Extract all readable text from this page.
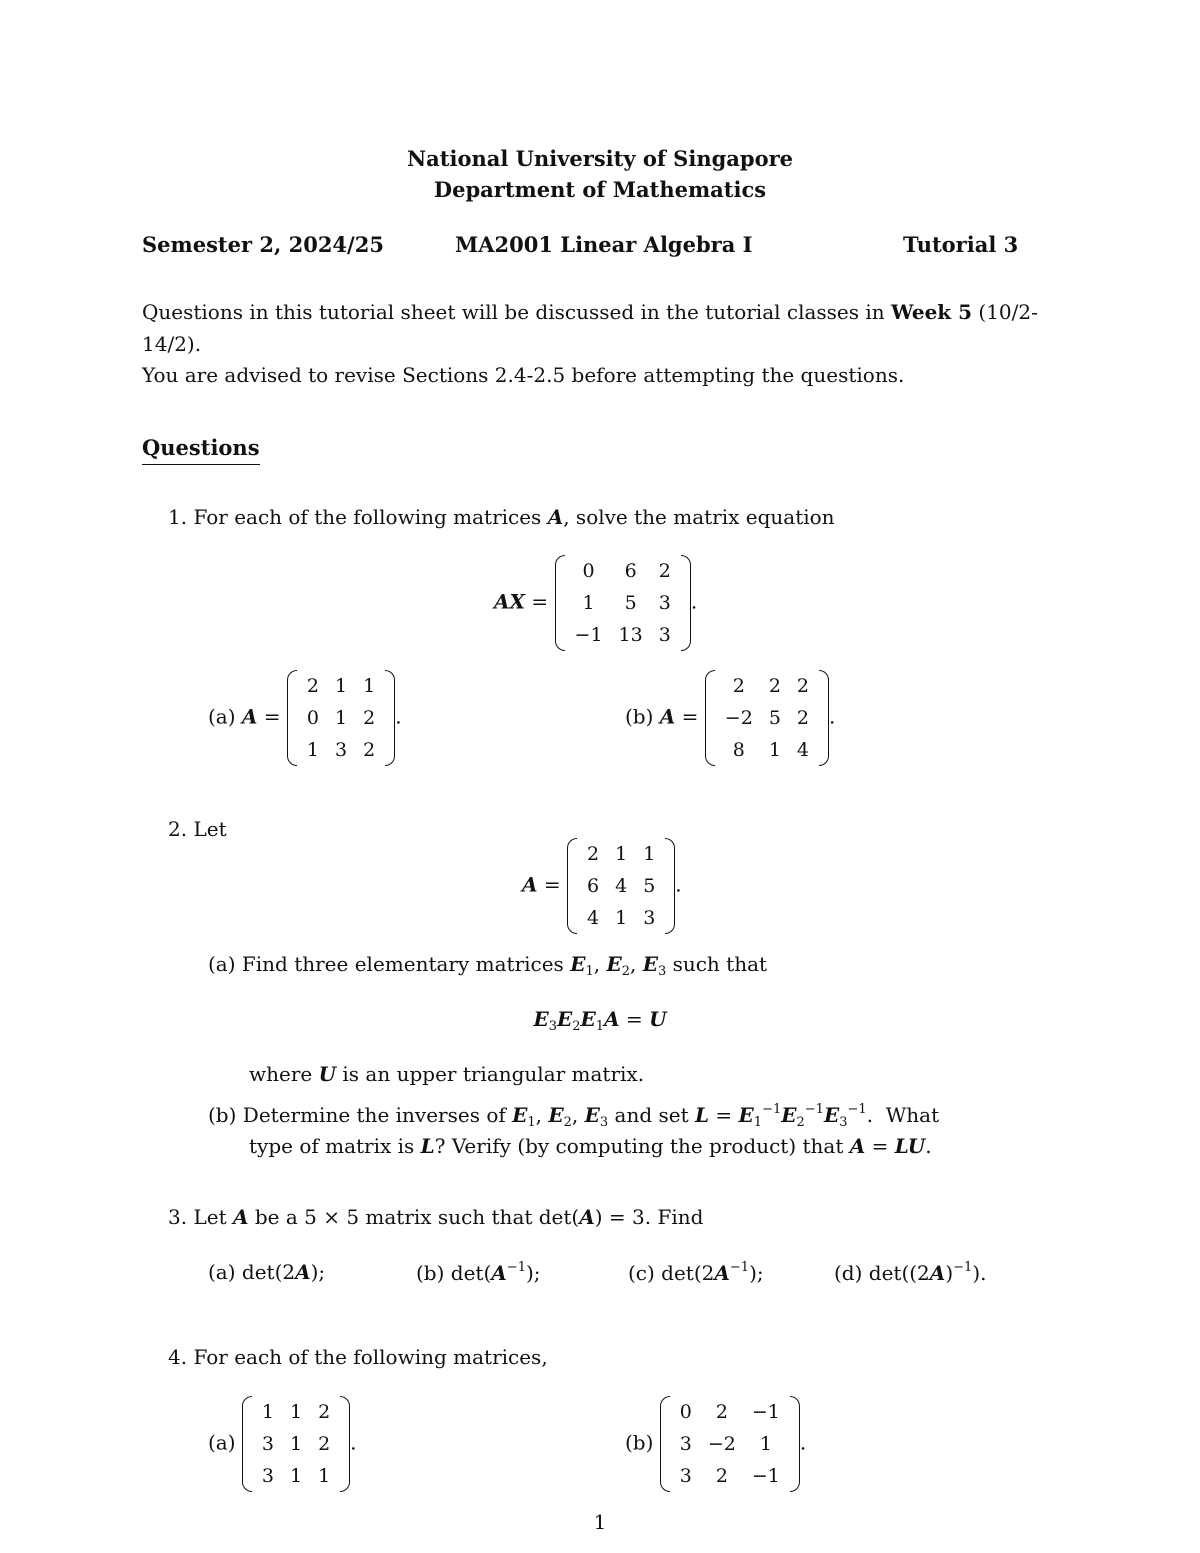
National University of Singapore
Department of Mathematics
Semester 2, 2024/25	MA2001 Linear Algebra I	Tutorial 3
Questions in this tutorial sheet will be discussed in the tutorial classes in Week 5 (10/2-
14/2).
You are advised to revise Sections 2.4-2.5 before attempting the questions.
Questions
1. For each of the following matrices A, solve the matrix equation
AX =
0	6	2
1	5	3
−1	13	3
.
(a) A =
2	1	1
0	1	2
1	3	2
.	(b) A =
2	2	2
−2	5	2
8	1	4
.
2. Let
A =
2	1	1
6	4	5
4	1	3
.
(a) Find three elementary matrices $E_1$, $E_2$, $E_3$ such that
$E_3E_2E_1A = U$
where U is an upper triangular matrix.
(b) Determine the inverses of $E_1$, $E_2$, $E_3$ and set $L = E_1^{-1}E_2^{-1}E_3^{-1}$.  What
type of matrix is L? Verify (by computing the product) that A = LU.
3. Let A be a 5 × 5 matrix such that det(A) = 3. Find
(a) det(2A);	(b) $\det(A^{-1})$;	(c) $\det(2A^{-1})$;	(d) $\det((2A)^{-1})$.
4. For each of the following matrices,
(a)
1	1	2
3	1	2
3	1	1
.	(b)
0	2	−1
3	−2	1
3	2	−1
.
1
